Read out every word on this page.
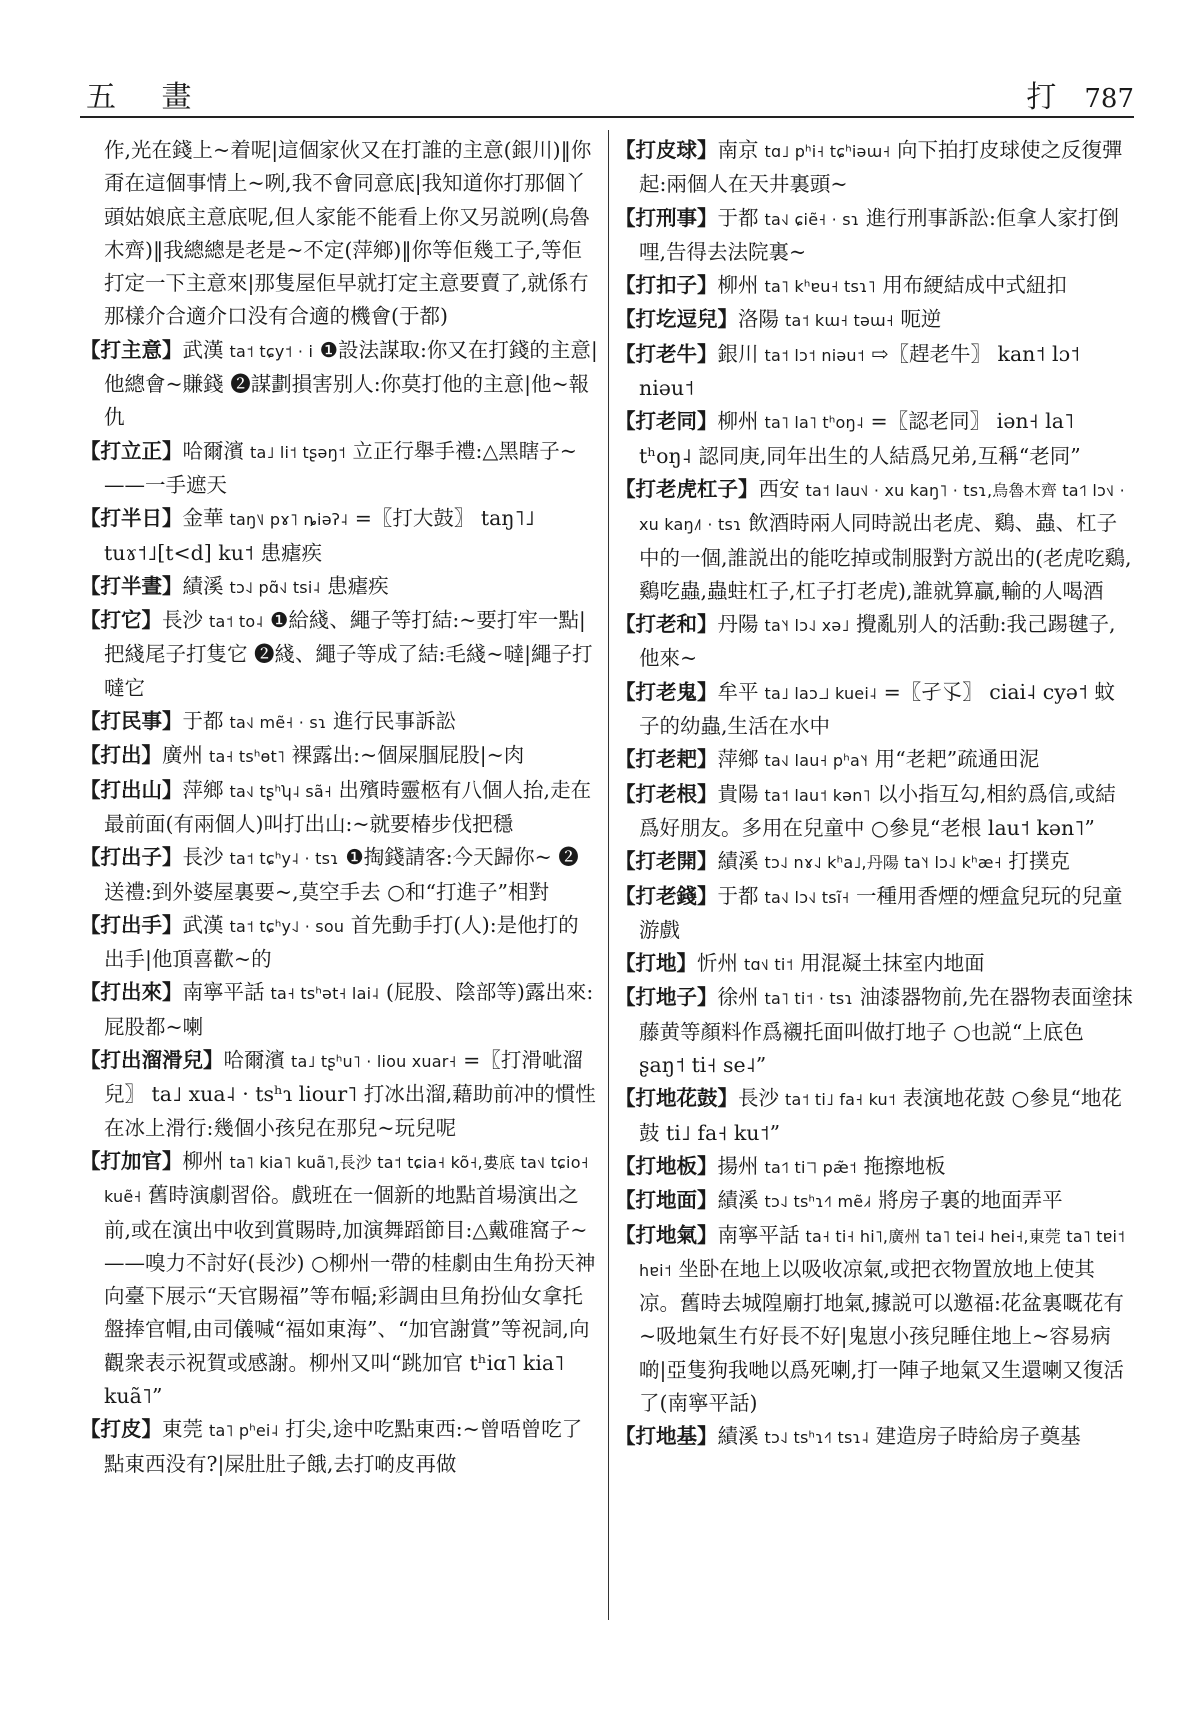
五 畫	打 787

作,光在錢上~着呢|這個家伙又在打誰的主意(銀川)‖你甭在這個事情上~咧,我不會同意底|我知道你打那個丫頭姑娘底主意底呢,但人家能不能看上你又另説咧(烏魯木齊)‖我總總是老是~不定(萍鄉)‖你等佢幾工子,等佢打定一下主意來|那隻屋佢早就打定主意要賣了,就係冇那樣介合適介口没有合適的機會(于都)

【打主意】武漢 ta˦ tɕy˦ · i ❶設法謀取:你又在打錢的主意|他總會~賺錢 ❷謀劃損害别人:你莫打他的主意|他~報仇

【打立正】哈爾濱 ta˩ li˦ tʂəŋ˦ 立正行舉手禮:△黑瞎子~——一手遮天

【打半日】金華 taŋ˥˩ pɤ˥ ȵiəʔ˨ =〖打大鼓〗 taŋ˥˩ tuɤ˦˩[t<d] ku˦ 患瘧疾

【打半晝】績溪 tɔ˨˩ pɑ̃˧˩ tsi˨ 患瘧疾

【打它】長沙 ta˦ to˨ ❶給綫、繩子等打結:~要打牢一點|把綫尾子打隻它 ❷綫、繩子等成了結:毛綫~噠|繩子打噠它

【打民事】于都 ta˧˩ mẽ˧ · sɿ 進行民事訴訟

【打出】廣州 ta˧ tsʰɵt˥ 裸露出:~個屎腘屁股|~肉

【打出山】萍鄉 ta˧˩ tʂʰʮ˨ sã˧ 出殯時靈柩有八個人抬,走在最前面(有兩個人)叫打出山:~就要椿步伐把穩

【打出子】長沙 ta˦ tɕʰy˨ · tsɿ ❶掏錢請客:今天歸你~ ❷送禮:到外婆屋裏要~,莫空手去 ○和“打進子”相對

【打出手】武漢 ta˦ tɕʰy˨˩ · sou 首先動手打(人):是他打的出手|他頂喜歡~的

【打出來】南寧平話 ta˧ tsʰət˧ lai˨ (屁股、陰部等)露出來:屁股都~喇

【打出溜滑兒】哈爾濱 ta˩ tʂʰu˥ · liou xuar˧ =〖打滑呲溜兒〗 ta˩ xua˨ · tsʰɿ liour˥ 打冰出溜,藉助前冲的慣性在冰上滑行:幾個小孩兒在那兒~玩兒呢

【打加官】柳州 ta˥ kia˥ kuã˥,長沙 ta˦ tɕia˧ kõ˧,婁底 ta˦˩ tɕio˧ kuẽ˧ 舊時演劇習俗。戲班在一個新的地點首場演出之前,或在演出中收到賞賜時,加演舞蹈節目:△戴碓窩子~——嗅力不討好(長沙) ○柳州一帶的桂劇由生角扮天神向臺下展示“天官賜福”等布幅;彩調由旦角扮仙女拿托盤捧官帽,由司儀喊“福如東海”、“加官謝賞”等祝詞,向觀衆表示祝賀或感謝。柳州又叫“跳加官 tʰiɑ˥ kia˥ kuã˥”

【打皮】東莞 ta˥ pʰei˨ 打尖,途中吃點東西:~曾唔曾吃了點東西没有?|屎肚肚子餓,去打啲皮再做

【打皮球】南京 tɑ˩ pʰi˧ tɕʰiəɯ˧ 向下拍打皮球使之反復彈起:兩個人在天井裏頭~

【打刑事】于都 ta˧˩ ɕiẽ˧ · sɿ 進行刑事訴訟:佢拿人家打倒哩,告得去法院裏~

【打扣子】柳州 ta˥ kʰɐu˧ tsɿ˥ 用布綆結成中式紐扣

【打圪逗兒】洛陽 ta˦ kɯ˧ təɯ˧ 呃逆

【打老牛】銀川 ta˦ lɔ˦ niəu˦ ⇨〖趕老牛〗 kan˦ lɔ˦ niəu˦

【打老同】柳州 ta˥ la˥ tʰoŋ˨ =〖認老同〗 iən˧ la˥ tʰoŋ˨ 認同庚,同年出生的人結爲兄弟,互稱“老同”

【打老虎杠子】西安 ta˦ lau˦˩ · xu kaŋ˥ · tsɿ,烏魯木齊 ta˦˥ lɔ˦˩ · xu kaŋ˩˥ · tsɿ 飲酒時兩人同時説出老虎、鷄、蟲、杠子中的一個,誰説出的能吃掉或制服對方説出的(老虎吃鷄,鷄吃蟲,蟲蛀杠子,杠子打老虎),誰就算贏,輸的人喝酒

【打老和】丹陽 ta˥˧ lɔ˨˩ xə˩ 攪亂别人的活動:我己踢毽子,他來~

【打老鬼】牟平 ta˩ laɔ˩˩ kuei˨ =〖孑孓〗 ciai˨ cyə˦ 蚊子的幼蟲,生活在水中

【打老耙】萍鄉 ta˧˩ lau˧ pʰa˥˧ 用“老耙”疏通田泥

【打老根】貴陽 ta˦ lau˦ kən˥ 以小指互勾,相約爲信,或結爲好朋友。多用在兒童中 ○參見“老根 lau˦ kən˥”

【打老開】績溪 tɔ˨˩ nɤ˨˩ kʰa˩,丹陽 ta˥˧ lɔ˨˩ kʰæ˧ 打撲克

【打老錢】于都 ta˧˩ lɔ˧˩ tsĩ˧ 一種用香煙的煙盒兒玩的兒童游戲

【打地】忻州 tɑ˦˩ ti˦ 用混凝土抹室内地面

【打地子】徐州 ta˥ ti˦ · tsɿ 油漆器物前,先在器物表面塗抹藤黄等顏料作爲襯托面叫做打地子 ○也説“上底色 ʂaŋ˦ ti˧ se˨”

【打地花鼓】長沙 ta˦ ti˩ fa˧ ku˦ 表演地花鼓 ○參見“地花鼓 ti˩ fa˧ ku˦”

【打地板】揚州 ta˦˥ ti˥˥ pæ̃˦ 拖擦地板

【打地面】績溪 tɔ˨˩ tsʰɿ˧˥ mẽ˩˧ 將房子裏的地面弄平

【打地氣】南寧平話 ta˧ ti˧ hi˥,廣州 ta˥ tei˨ hei˧,東莞 ta˥ tɐi˦ hɐi˦ 坐卧在地上以吸收凉氣,或把衣物置放地上使其凉。舊時去城隍廟打地氣,據説可以邀福:花盆裏嘅花有~吸地氣生冇好長不好|鬼崽小孩兒睡住地上~容易病啲|亞隻狗我哋以爲死喇,打一陣子地氣又生還喇又復活了(南寧平話)

【打地基】績溪 tɔ˨˩ tsʰɿ˧˥ tsɿ˨ 建造房子時給房子奠基
